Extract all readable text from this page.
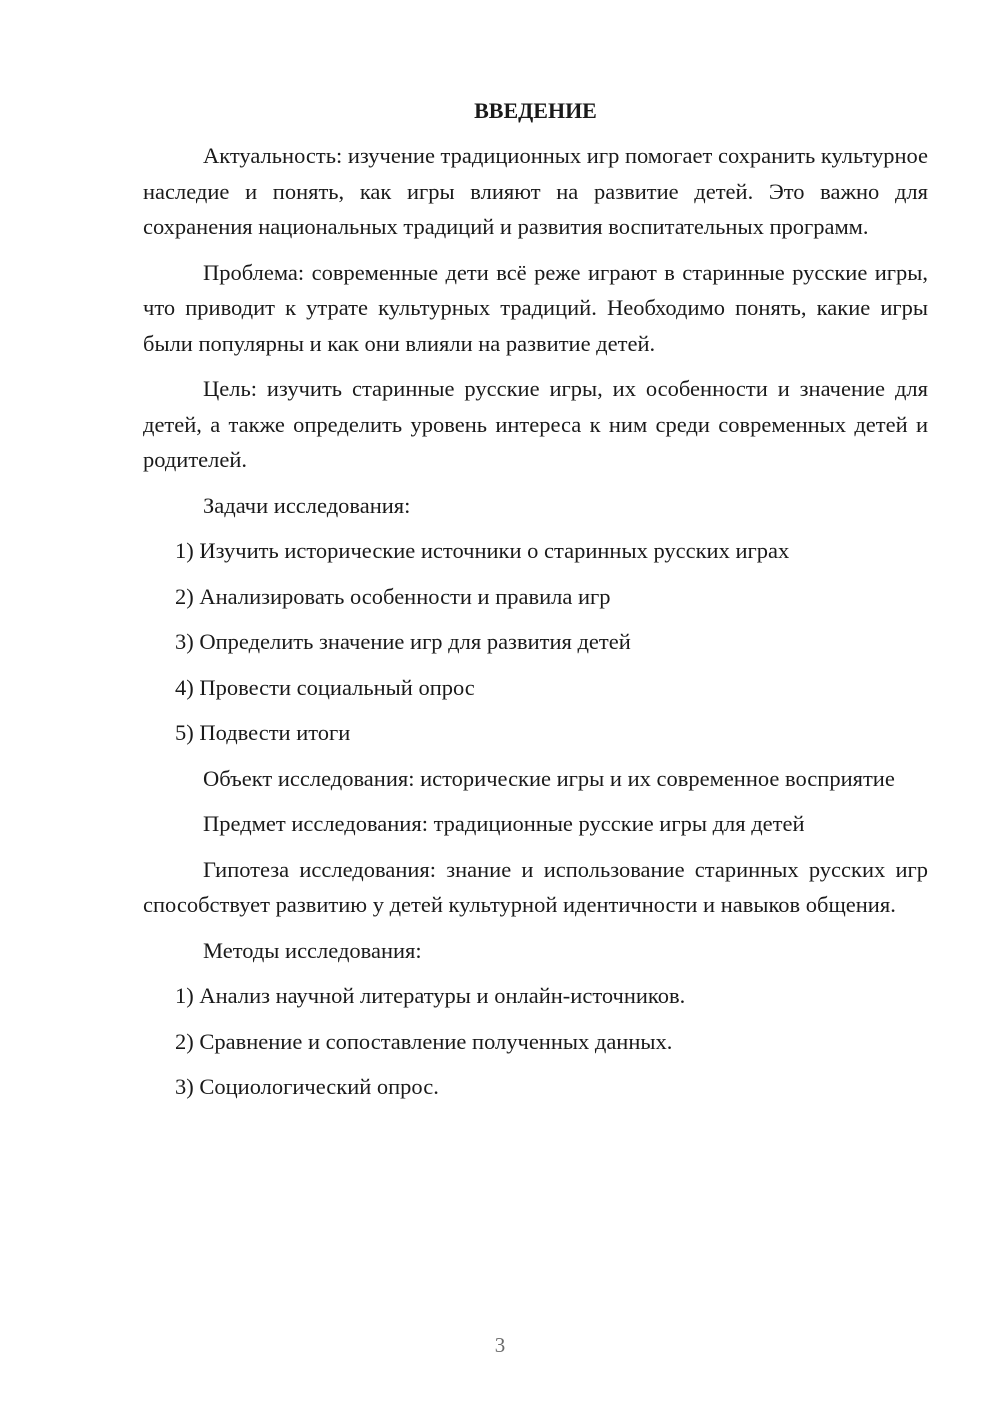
ВВЕДЕНИЕ

Актуальность: изучение традиционных игр помогает сохранить культурное наследие и понять, как игры влияют на развитие детей. Это важно для сохранения национальных традиций и развития воспитательных программ.

Проблема: современные дети всё реже играют в старинные русские игры, что приводит к утрате культурных традиций. Необходимо понять, какие игры были популярны и как они влияли на развитие детей.

Цель: изучить старинные русские игры, их особенности и значение для детей, а также определить уровень интереса к ним среди современных детей и родителей.

Задачи исследования:

1) Изучить исторические источники о старинных русских играх

2) Анализировать особенности и правила игр

3) Определить значение игр для развития детей

4) Провести социальный опрос

5) Подвести итоги

Объект исследования: исторические игры и их современное восприятие

Предмет исследования: традиционные русские игры для детей

Гипотеза исследования: знание и использование старинных русских игр способствует развитию у детей культурной идентичности и навыков общения.

Методы исследования:

1) Анализ научной литературы и онлайн-источников.

2) Сравнение и сопоставление полученных данных.

3) Социологический опрос.

3
